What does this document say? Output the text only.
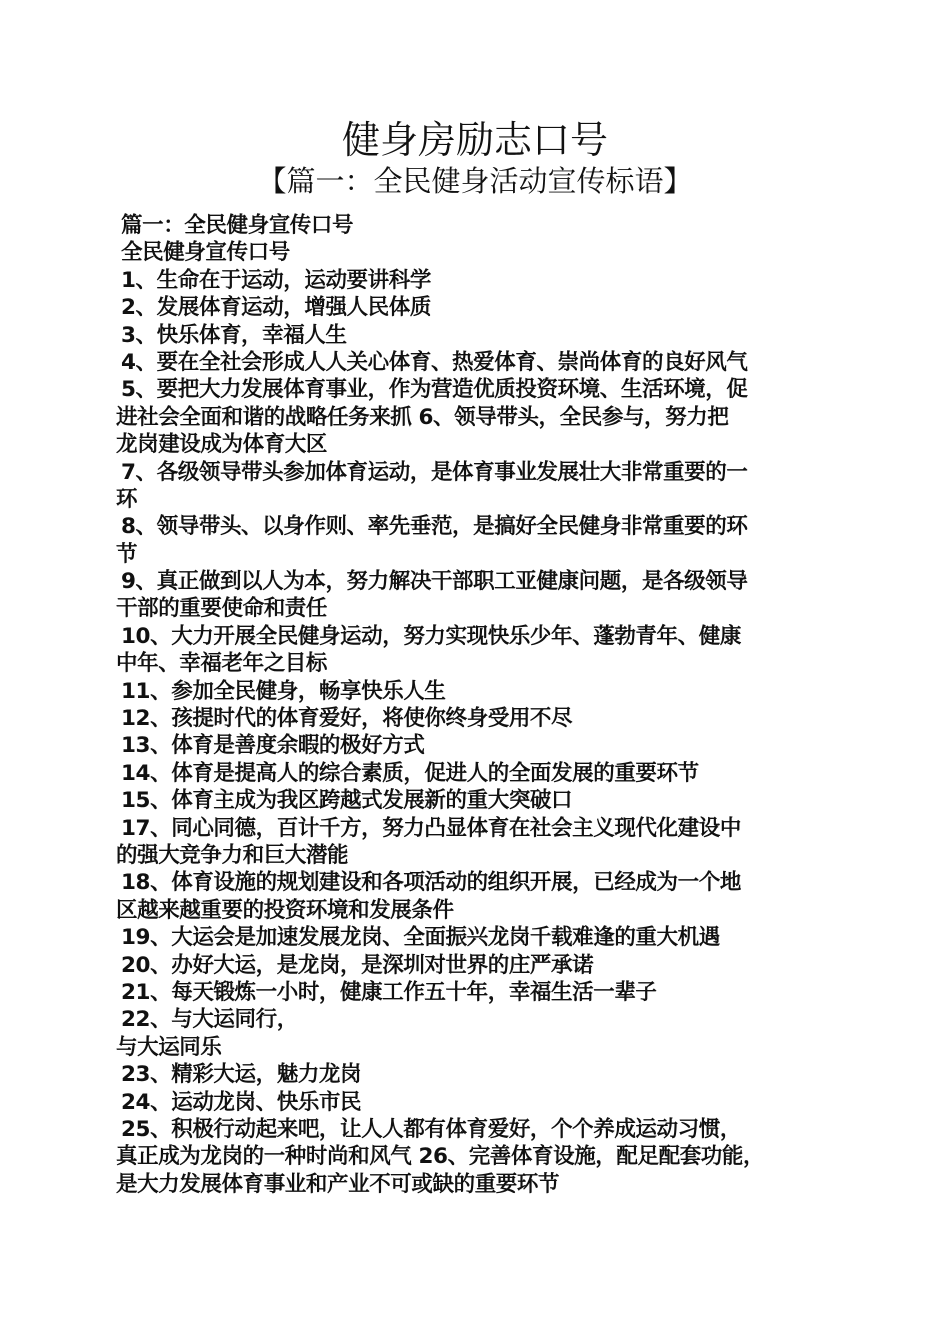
健身房励志口号
【篇一：全民健身活动宣传标语】
篇一：全民健身宣传口号
全民健身宣传口号
1、生命在于运动，运动要讲科学
2、发展体育运动，增强人民体质
3、快乐体育，幸福人生
4、要在全社会形成人人关心体育、热爱体育、崇尚体育的良好风气
5、要把大力发展体育事业，作为营造优质投资环境、生活环境，促
进社会全面和谐的战略任务来抓 6、领导带头，全民参与，努力把
龙岗建设成为体育大区
7、各级领导带头参加体育运动，是体育事业发展壮大非常重要的一
环
8、领导带头、以身作则、率先垂范，是搞好全民健身非常重要的环
节
9、真正做到以人为本，努力解决干部职工亚健康问题，是各级领导
干部的重要使命和责任
10、大力开展全民健身运动，努力实现快乐少年、蓬勃青年、健康
中年、幸福老年之目标
11、参加全民健身，畅享快乐人生
12、孩提时代的体育爱好，将使你终身受用不尽
13、体育是善度余暇的极好方式
14、体育是提高人的综合素质，促进人的全面发展的重要环节
15、体育主成为我区跨越式发展新的重大突破口
17、同心同德，百计千方，努力凸显体育在社会主义现代化建设中
的强大竞争力和巨大潜能
18、体育设施的规划建设和各项活动的组织开展，已经成为一个地
区越来越重要的投资环境和发展条件
19、大运会是加速发展龙岗、全面振兴龙岗千载难逢的重大机遇
20、办好大运，是龙岗，是深圳对世界的庄严承诺
21、每天锻炼一小时，健康工作五十年，幸福生活一辈子
22、与大运同行，
与大运同乐
23、精彩大运，魅力龙岗
24、运动龙岗、快乐市民
25、积极行动起来吧，让人人都有体育爱好，个个养成运动习惯，
真正成为龙岗的一种时尚和风气 26、完善体育设施，配足配套功能，
是大力发展体育事业和产业不可或缺的重要环节
